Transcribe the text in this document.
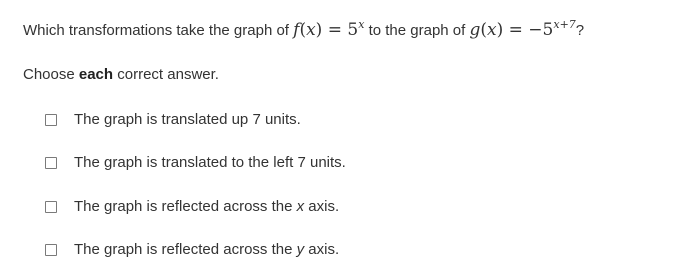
Which transformations take the graph of $f(x) = 5^x$ to the graph of $g(x) = -5^{x+7}$?
Choose each correct answer.
The graph is translated up 7 units.
The graph is translated to the left 7 units.
The graph is reflected across the x axis.
The graph is reflected across the y axis.
